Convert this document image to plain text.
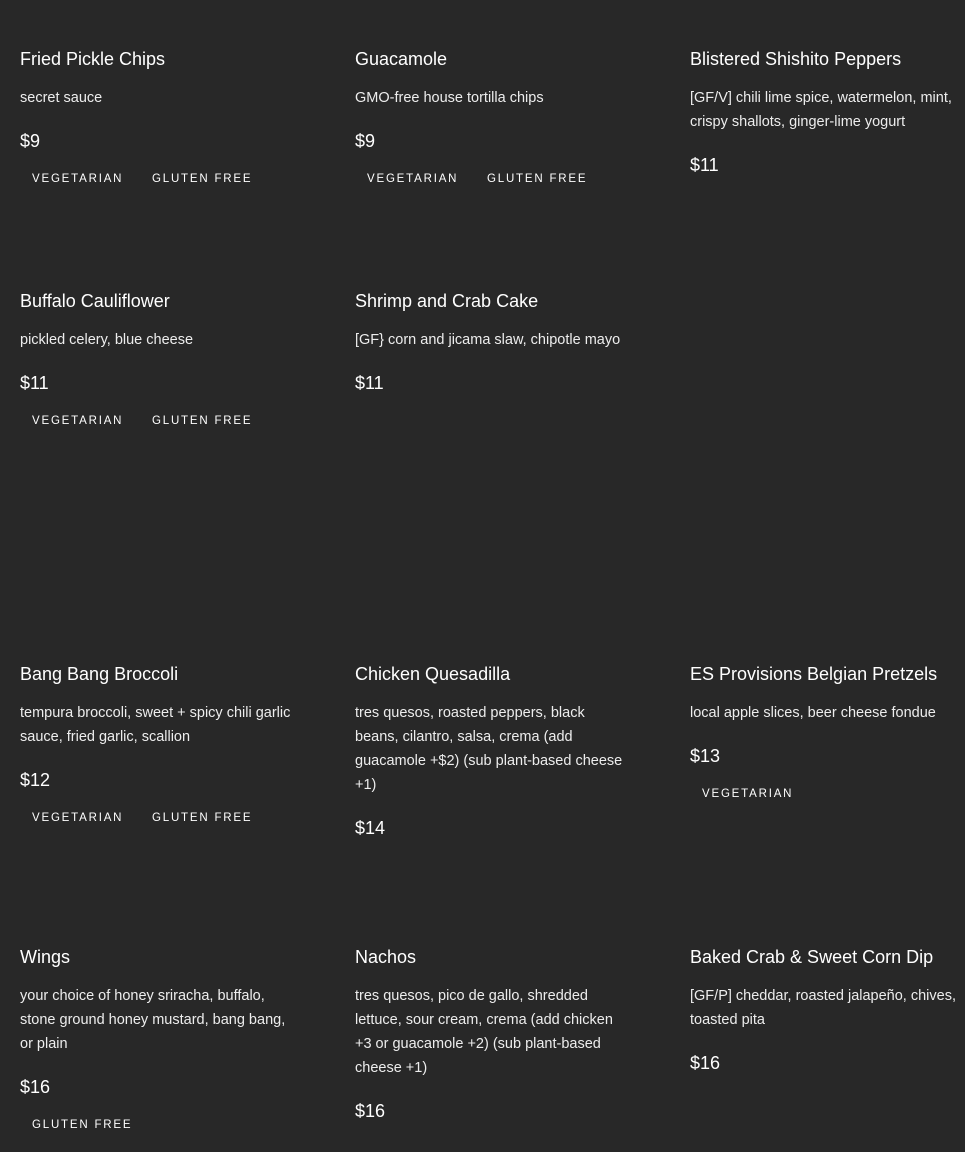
Fried Pickle Chips
secret sauce
$9
VEGETARIAN GLUTEN FREE
Guacamole
GMO-free house tortilla chips
$9
VEGETARIAN GLUTEN FREE
Blistered Shishito Peppers
[GF/V] chili lime spice, watermelon, mint, crispy shallots, ginger-lime yogurt
$11
Buffalo Cauliflower
pickled celery, blue cheese
$11
VEGETARIAN GLUTEN FREE
Shrimp and Crab Cake
[GF} corn and jicama slaw, chipotle mayo
$11
Bang Bang Broccoli
tempura broccoli, sweet + spicy chili garlic sauce, fried garlic, scallion
$12
VEGETARIAN GLUTEN FREE
Chicken Quesadilla
tres quesos, roasted peppers, black beans, cilantro, salsa, crema (add guacamole +$2) (sub plant-based cheese +1)
$14
ES Provisions Belgian Pretzels
local apple slices, beer cheese fondue
$13
VEGETARIAN
Wings
your choice of honey sriracha, buffalo, stone ground honey mustard, bang bang, or plain
$16
GLUTEN FREE
Nachos
tres quesos, pico de gallo, shredded lettuce, sour cream, crema (add chicken +3 or guacamole +2) (sub plant-based cheese +1)
$16
Baked Crab & Sweet Corn Dip
[GF/P] cheddar, roasted jalapeño, chives, toasted pita
$16
